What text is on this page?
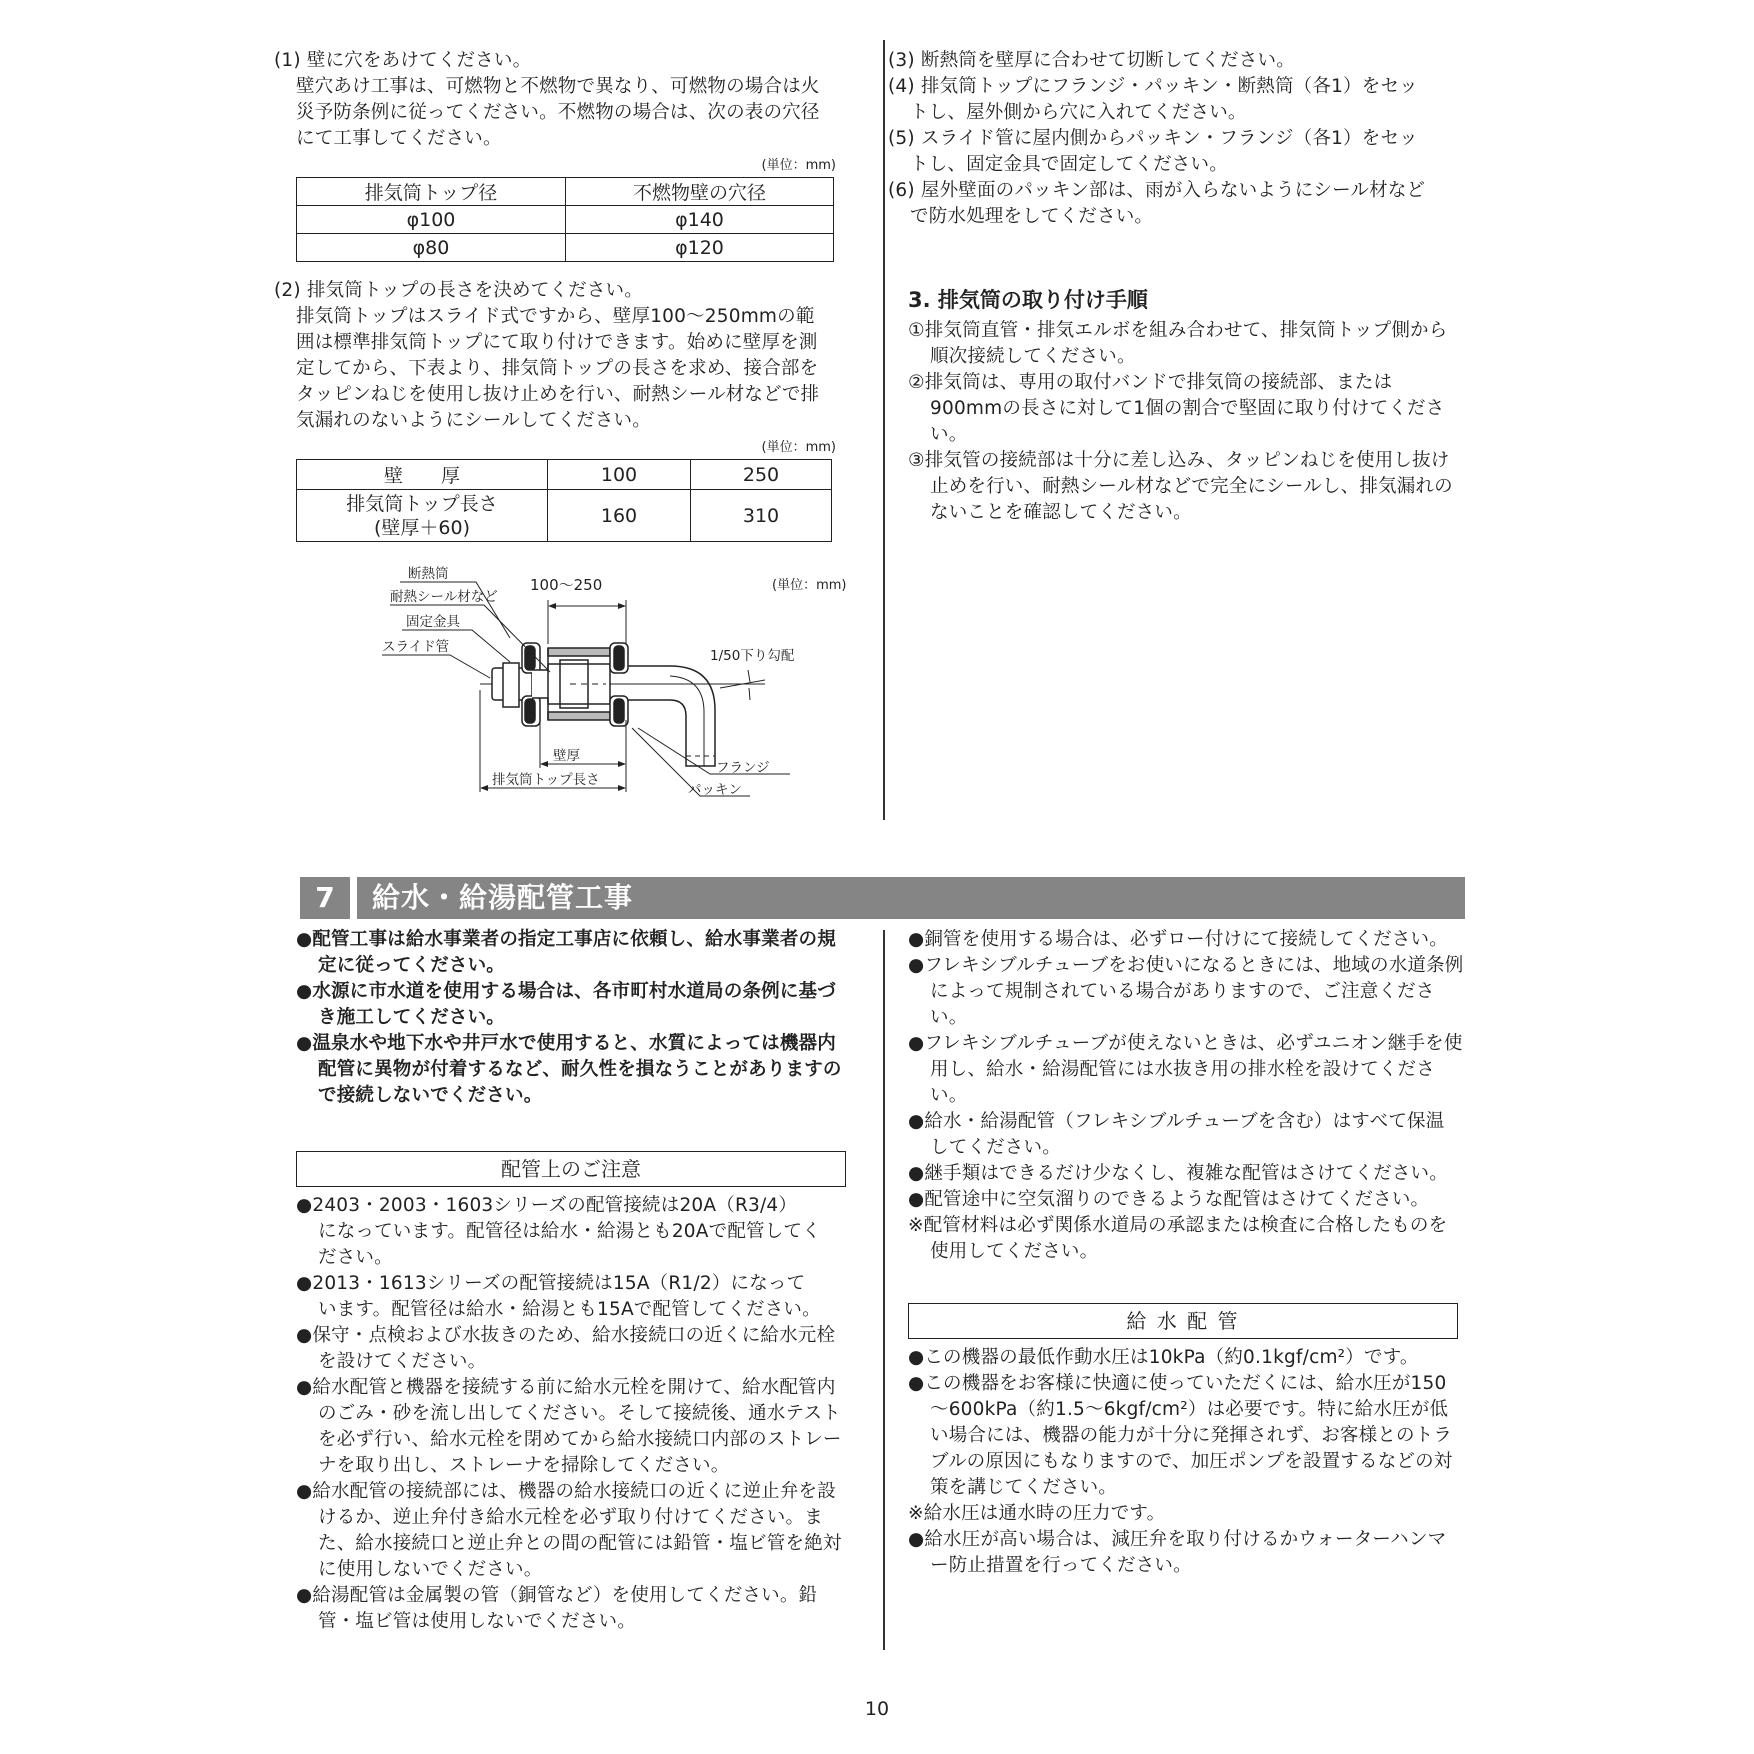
(1) 壁に穴をあけてください。

壁穴あけ工事は、可燃物と不燃物で異なり、可燃物の場合は火

災予防条例に従ってください。不燃物の場合は、次の表の穴径

にて工事してください。

(単位：mm)
排気筒トップ径	不燃物壁の穴径
φ100	φ140
φ80	φ120

(2) 排気筒トップの長さを決めてください。

排気筒トップはスライド式ですから、壁厚100～250mmの範

囲は標準排気筒トップにて取り付けできます。始めに壁厚を測

定してから、下表より、排気筒トップの長さを求め、接合部を

タッピンねじを使用し抜け止めを行い、耐熱シール材などで排

気漏れのないようにシールしてください。

(単位：mm)
壁　　厚	100	250

排気筒トップ長さ
(壁厚＋60)	160	310
断熱筒
耐熱シール材など
固定金具
スライド管
100～250	(単位：mm)
1/50下り勾配
壁厚
排気筒トップ長さ
フランジ
パッキン

(3) 断熱筒を壁厚に合わせて切断してください。

(4) 排気筒トップにフランジ・パッキン・断熱筒（各1）をセッ

トし、屋外側から穴に入れてください。

(5) スライド管に屋内側からパッキン・フランジ（各1）をセッ

トし、固定金具で固定してください。

(6) 屋外壁面のパッキン部は、雨が入らないようにシール材など

で防水処理をしてください。

3. 排気筒の取り付け手順

①排気筒直管・排気エルボを組み合わせて、排気筒トップ側から

順次接続してください。

②排気筒は、専用の取付バンドで排気筒の接続部、または

900mmの長さに対して1個の割合で堅固に取り付けてください。

③排気管の接続部は十分に差し込み、タッピンねじを使用し抜け

止めを行い、耐熱シール材などで完全にシールし、排気漏れの

ないことを確認してください。

7	給水・給湯配管工事

●配管工事は給水事業者の指定工事店に依頼し、給水事業者の規

定に従ってください。

●水源に市水道を使用する場合は、各市町村水道局の条例に基づ

き施工してください。

●温泉水や地下水や井戸水で使用すると、水質によっては機器内

配管に異物が付着するなど、耐久性を損なうことがありますの

で接続しないでください。

配管上のご注意

●2403・2003・1603シリーズの配管接続は20A（R3/4）

になっています。配管径は給水・給湯とも20Aで配管してく

ださい。

●2013・1613シリーズの配管接続は15A（R1/2）になって

います。配管径は給水・給湯とも15Aで配管してください。

●保守・点検および水抜きのため、給水接続口の近くに給水元栓

を設けてください。

●給水配管と機器を接続する前に給水元栓を開けて、給水配管内

のごみ・砂を流し出してください。そして接続後、通水テスト

を必ず行い、給水元栓を閉めてから給水接続口内部のストレー

ナを取り出し、ストレーナを掃除してください。

●給水配管の接続部には、機器の給水接続口の近くに逆止弁を設

けるか、逆止弁付き給水元栓を必ず取り付けてください。ま

た、給水接続口と逆止弁との間の配管には鉛管・塩ビ管を絶対

に使用しないでください。

●給湯配管は金属製の管（銅管など）を使用してください。鉛

管・塩ビ管は使用しないでください。

●銅管を使用する場合は、必ずロー付けにて接続してください。

●フレキシブルチューブをお使いになるときには、地域の水道条例

によって規制されている場合がありますので、ご注意ください。

●フレキシブルチューブが使えないときは、必ずユニオン継手を使

用し、給水・給湯配管には水抜き用の排水栓を設けてください。

●給水・給湯配管（フレキシブルチューブを含む）はすべて保温

してください。

●継手類はできるだけ少なくし、複雑な配管はさけてください。

●配管途中に空気溜りのできるような配管はさけてください。

※配管材料は必ず関係水道局の承認または検査に合格したものを

使用してください。

給 水 配 管

●この機器の最低作動水圧は10kPa（約0.1kgf/cm²）です。

●この機器をお客様に快適に使っていただくには、給水圧が150

～600kPa（約1.5～6kgf/cm²）は必要です。特に給水圧が低

い場合には、機器の能力が十分に発揮されず、お客様とのトラ

ブルの原因にもなりますので、加圧ポンプを設置するなどの対

策を講じてください。

※給水圧は通水時の圧力です。

●給水圧が高い場合は、減圧弁を取り付けるかウォーターハンマ

ー防止措置を行ってください。

10
